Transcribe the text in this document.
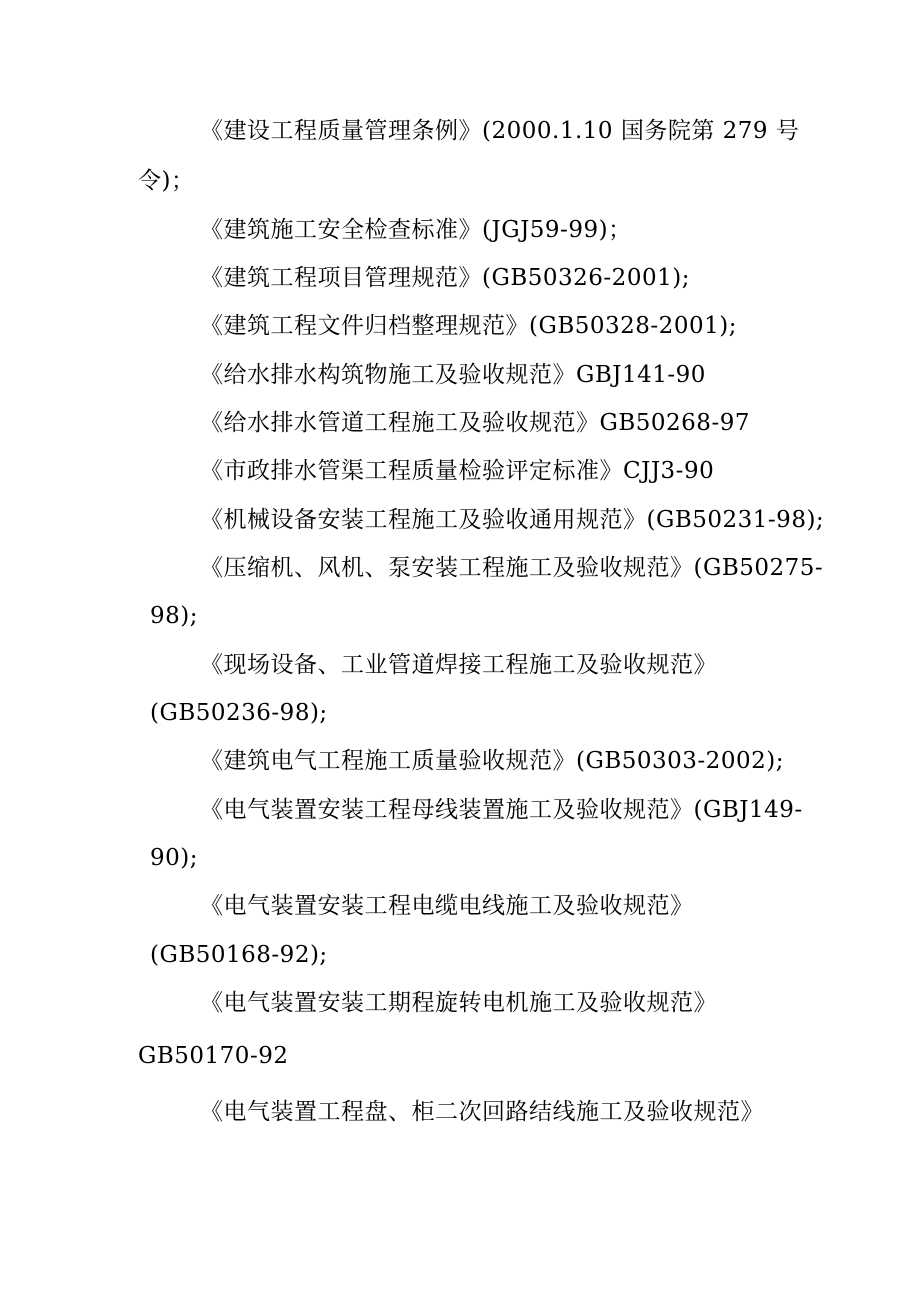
《建设工程质量管理条例》(2000.1.10 国务院第 279 号
令)；
《建筑施工安全检查标准》(JGJ59-99)；
《建筑工程项目管理规范》(GB50326-2001);
《建筑工程文件归档整理规范》(GB50328-2001);
《给水排水构筑物施工及验收规范》GBJ141-90
《给水排水管道工程施工及验收规范》GB50268-97
《市政排水管渠工程质量检验评定标准》CJJ3-90
《机械设备安装工程施工及验收通用规范》(GB50231-98);
《压缩机、风机、泵安装工程施工及验收规范》(GB50275-
98);
《现场设备、工业管道焊接工程施工及验收规范》
(GB50236-98);
《建筑电气工程施工质量验收规范》(GB50303-2002);
《电气装置安装工程母线装置施工及验收规范》(GBJ149-
90);
《电气装置安装工程电缆电线施工及验收规范》
(GB50168-92);
《电气装置安装工期程旋转电机施工及验收规范》
GB50170-92
《电气装置工程盘、柜二次回路结线施工及验收规范》
